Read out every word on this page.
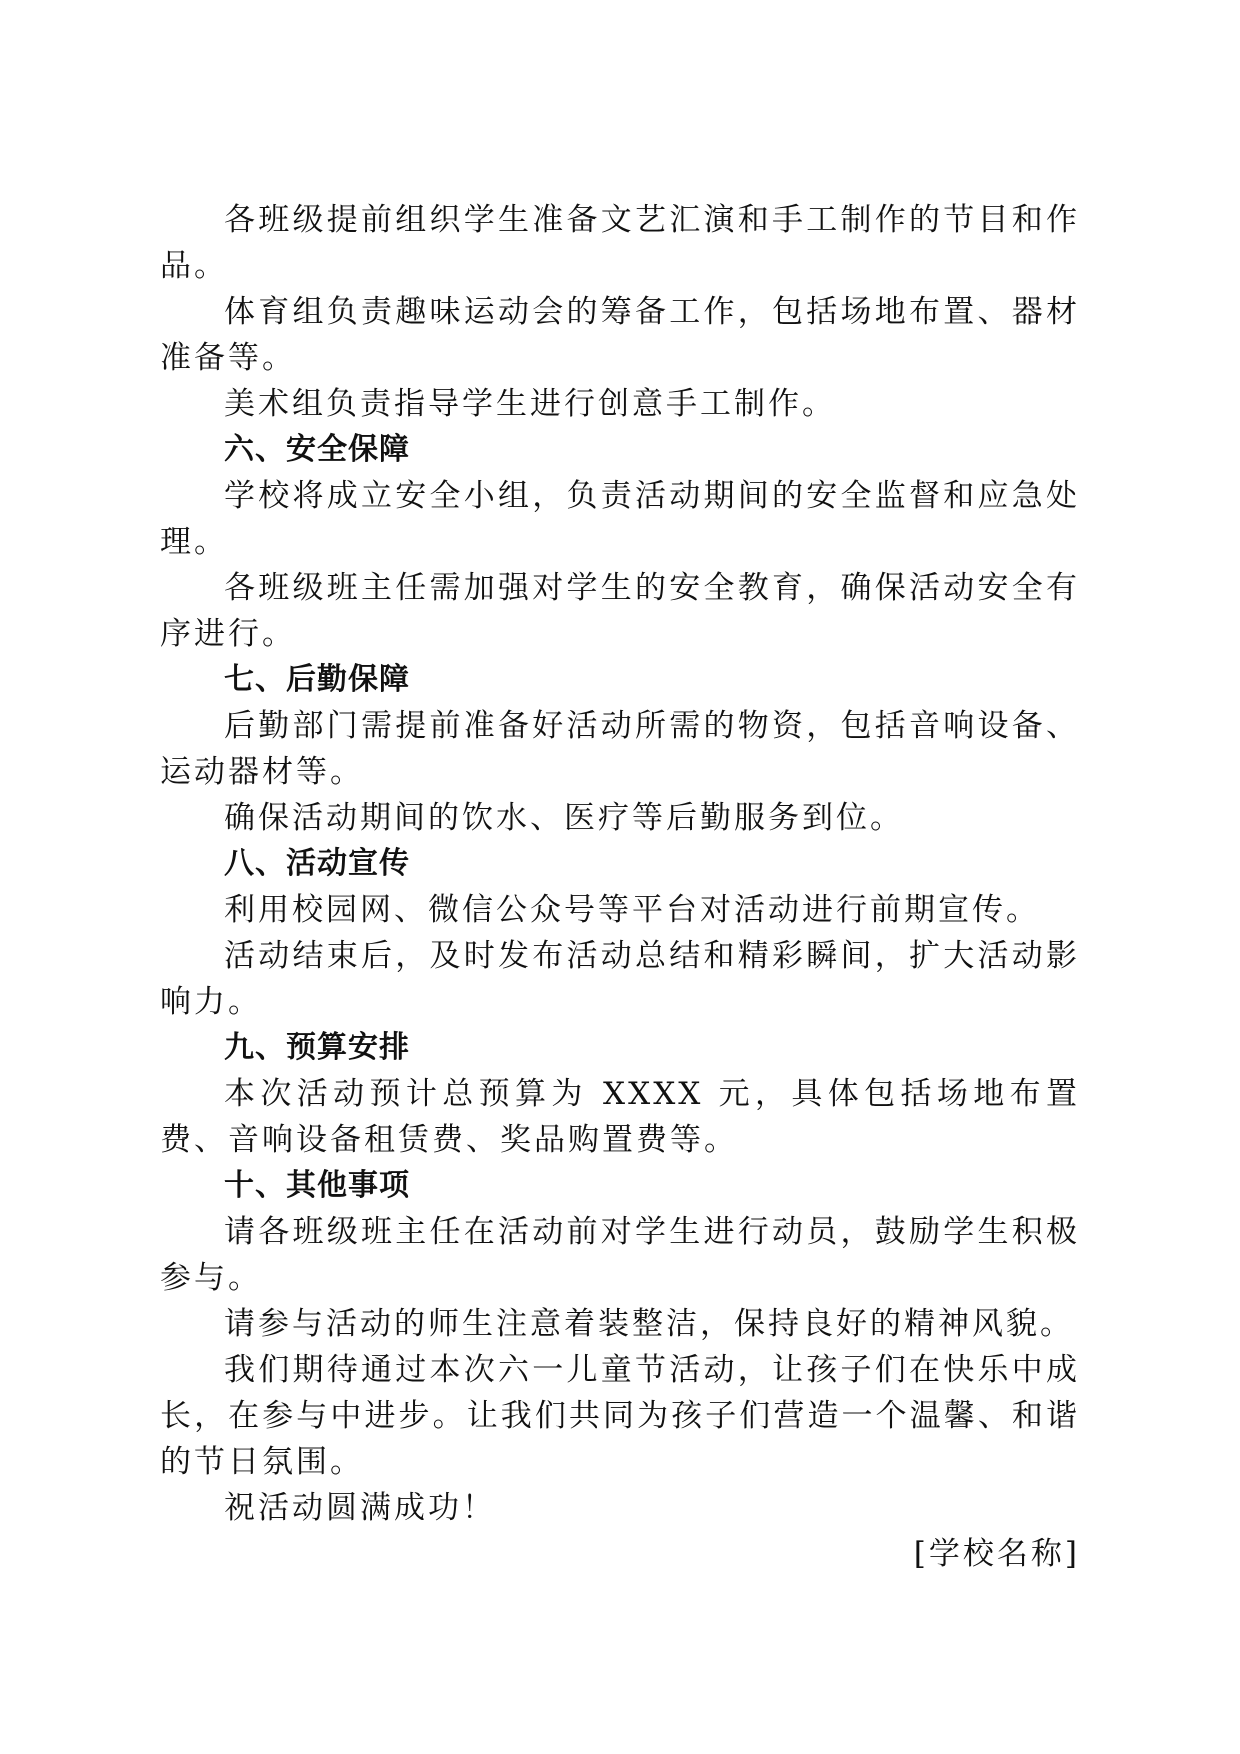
各班级提前组织学生准备文艺汇演和手工制作的节目和作品。

体育组负责趣味运动会的筹备工作，包括场地布置、器材准备等。

美术组负责指导学生进行创意手工制作。

六、安全保障

学校将成立安全小组，负责活动期间的安全监督和应急处理。

各班级班主任需加强对学生的安全教育，确保活动安全有序进行。

七、后勤保障

后勤部门需提前准备好活动所需的物资，包括音响设备、运动器材等。

确保活动期间的饮水、医疗等后勤服务到位。

八、活动宣传

利用校园网、微信公众号等平台对活动进行前期宣传。

活动结束后，及时发布活动总结和精彩瞬间，扩大活动影响力。

九、预算安排

本次活动预计总预算为 XXXX 元，具体包括场地布置费、音响设备租赁费、奖品购置费等。

十、其他事项

请各班级班主任在活动前对学生进行动员，鼓励学生积极参与。

请参与活动的师生注意着装整洁，保持良好的精神风貌。

我们期待通过本次六一儿童节活动，让孩子们在快乐中成长，在参与中进步。让我们共同为孩子们营造一个温馨、和谐的节日氛围。

祝活动圆满成功！

[学校名称]
